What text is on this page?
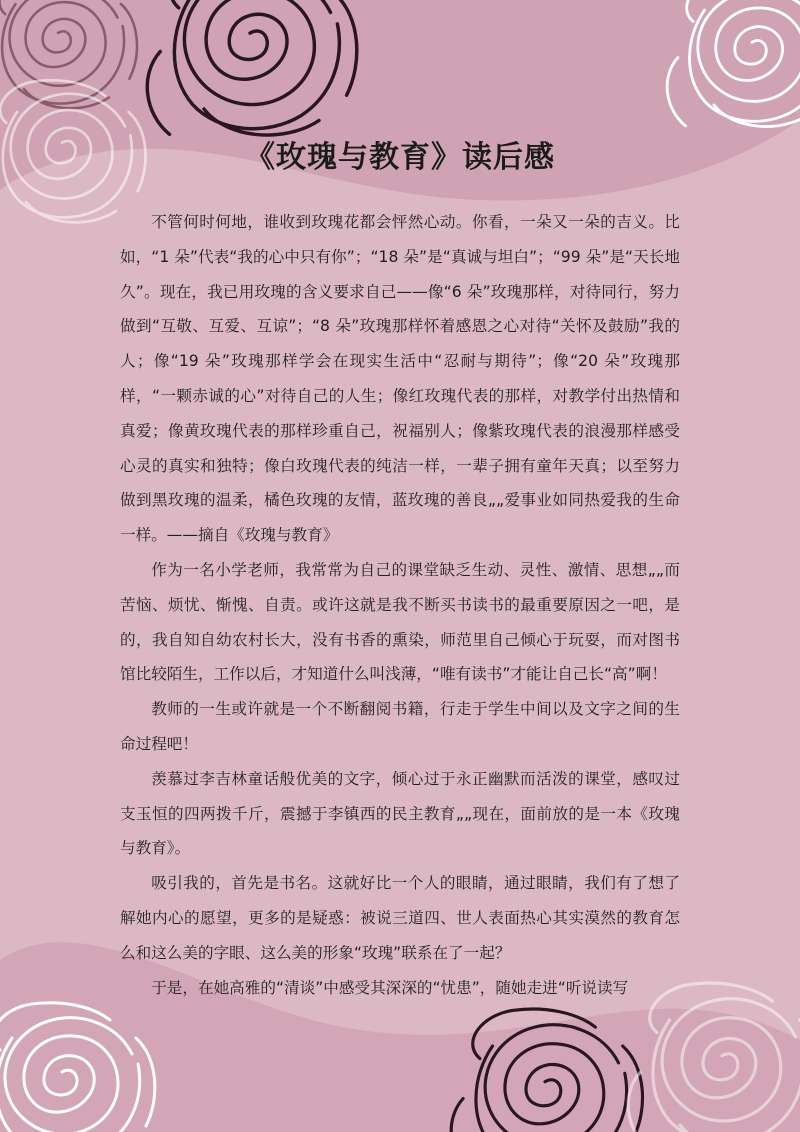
《玫瑰与教育》读后感

不管何时何地，谁收到玫瑰花都会怦然心动。你看，一朵又一朵的吉义。比如，“1 朵”代表“我的心中只有你”；“18 朵”是“真诚与坦白”；“99 朵”是“天长地久”。现在，我已用玫瑰的含义要求自己——像“6 朵”玫瑰那样，对待同行，努力做到“互敬、互爱、互谅”；“8 朵”玫瑰那样怀着感恩之心对待“关怀及鼓励”我的人；像“19 朵”玫瑰那样学会在现实生活中“忍耐与期待”；像“20 朵”玫瑰那样，“一颗赤诚的心”对待自己的人生；像红玫瑰代表的那样，对教学付出热情和真爱；像黄玫瑰代表的那样珍重自己，祝福别人；像紫玫瑰代表的浪漫那样感受心灵的真实和独特；像白玫瑰代表的纯洁一样，一辈子拥有童年天真；以至努力做到黑玫瑰的温柔，橘色玫瑰的友情，蓝玫瑰的善良„„爱事业如同热爱我的生命一样。——摘自《玫瑰与教育》

作为一名小学老师，我常常为自己的课堂缺乏生动、灵性、激情、思想„„而苦恼、烦忧、惭愧、自责。或许这就是我不断买书读书的最重要原因之一吧，是的，我自知自幼农村长大，没有书香的熏染，师范里自己倾心于玩耍，而对图书馆比较陌生，工作以后，才知道什么叫浅薄，“唯有读书”才能让自己长“高”啊！

教师的一生或许就是一个不断翻阅书籍，行走于学生中间以及文字之间的生命过程吧！

羡慕过李吉林童话般优美的文字，倾心过于永正幽默而活泼的课堂，感叹过支玉恒的四两拨千斤，震撼于李镇西的民主教育„„现在，面前放的是一本《玫瑰与教育》。

吸引我的，首先是书名。这就好比一个人的眼睛，通过眼睛，我们有了想了解她内心的愿望，更多的是疑惑：被说三道四、世人表面热心其实漠然的教育怎么和这么美的字眼、这么美的形象“玫瑰”联系在了一起？

于是，在她高雅的“清谈”中感受其深深的“忧患”，随她走进“听说读写
